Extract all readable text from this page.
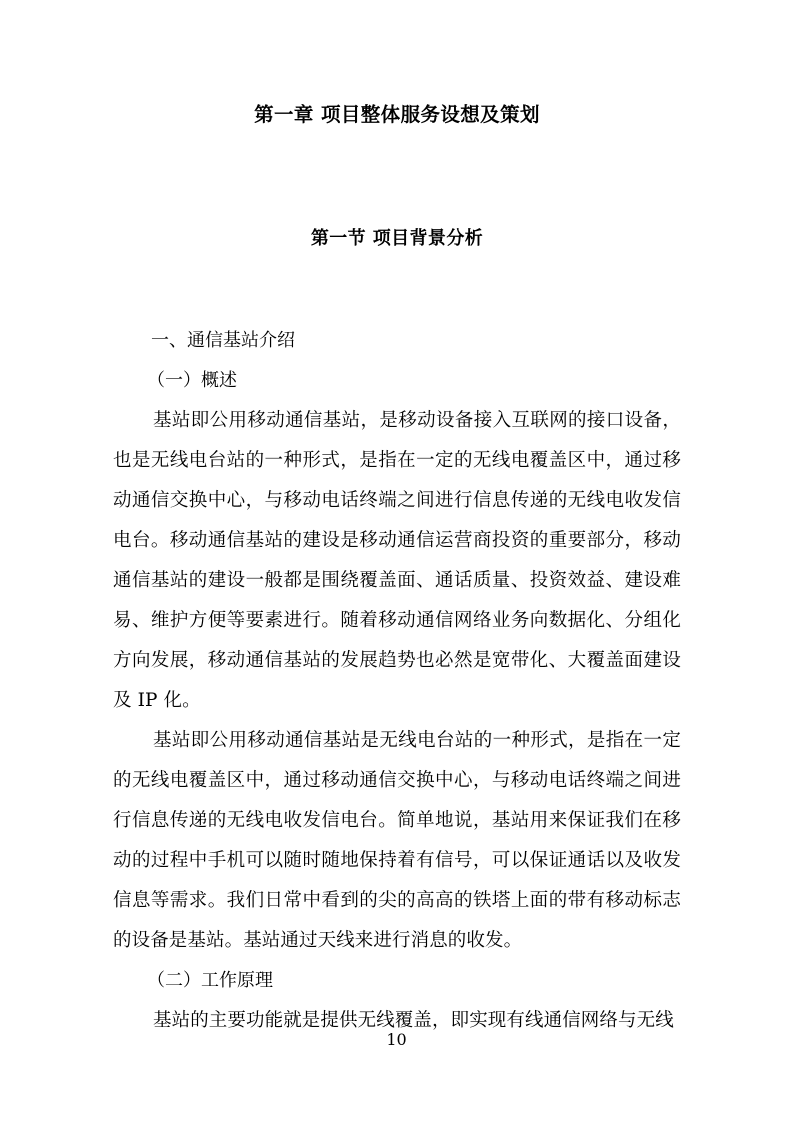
第一章 项目整体服务设想及策划
第一节 项目背景分析
一、通信基站介绍
（一）概述

基站即公用移动通信基站，是移动设备接入互联网的接口设备，也是无线电台站的一种形式，是指在一定的无线电覆盖区中，通过移动通信交换中心，与移动电话终端之间进行信息传递的无线电收发信电台。移动通信基站的建设是移动通信运营商投资的重要部分，移动通信基站的建设一般都是围绕覆盖面、通话质量、投资效益、建设难易、维护方便等要素进行。随着移动通信网络业务向数据化、分组化方向发展，移动通信基站的发展趋势也必然是宽带化、大覆盖面建设及 IP 化。

基站即公用移动通信基站是无线电台站的一种形式，是指在一定的无线电覆盖区中，通过移动通信交换中心，与移动电话终端之间进行信息传递的无线电收发信电台。简单地说，基站用来保证我们在移动的过程中手机可以随时随地保持着有信号，可以保证通话以及收发信息等需求。我们日常中看到的尖的高高的铁塔上面的带有移动标志的设备是基站。基站通过天线来进行消息的收发。

（二）工作原理

基站的主要功能就是提供无线覆盖，即实现有线通信网络与无线

10
